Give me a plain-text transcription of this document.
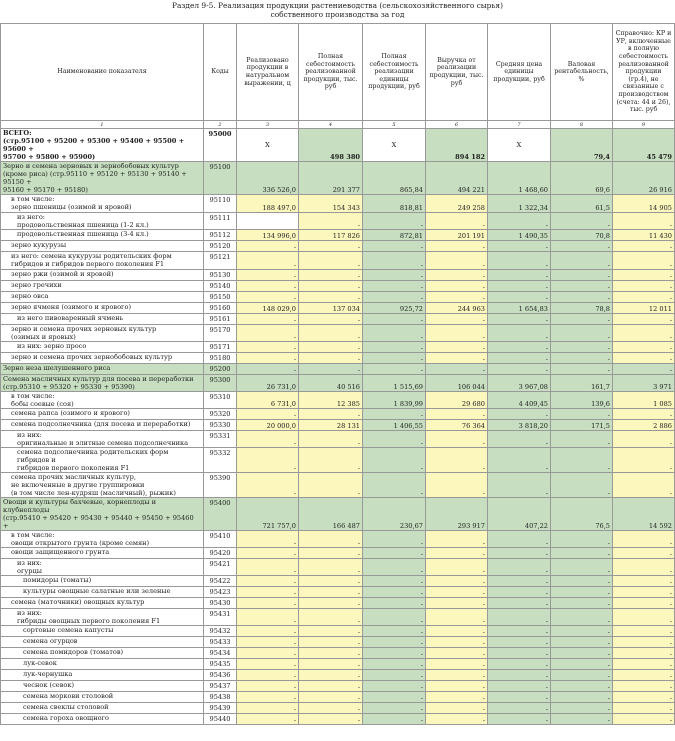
Раздел 9-5. Реализация продукции растениеводства (сельскохозяйственного сырья)
собственного производства за год
Наименование показателя	Коды	Реализовано продукции в натуральном выражении, ц	Полная себестоимость реализованной продукции, тыс. руб	Полная себестоимость реализации единицы продукции, руб	Выручка от реализации продукции, тыс. руб	Средняя цена единицы продукции, руб	Валовая рентабельность, %	Справочно: КР и УР, включенные в полную себестоимость реализованной продукции (гр.4), не связанные с производством (счета: 44 и 26), тыс. руб
1	2	3	4	5	6	7	8	9
ВСЕГО:
(стр.95100 + 95200 + 95300 + 95400 + 95500 + 95600 +
95700 + 95800 + 95900)	95000	X	498 380	X	894 182	X	79,4	45 479
Зерно и семена зерновых и зернобобовых культур
(кроме риса) (стр.95110 + 95120 + 95130 + 95140 + 95150 +
95160 + 95170 + 95180)	95100	336 526,0	291 377	865,84	494 221	1 468,60	69,6	26 916
в том числе:
зерно пшеницы (озимой и яровой)	95110	188 497,0	154 343	818,81	249 258	1 322,34	61,5	14 905
из него:
продовольственная пшеница (1-2 кл.)	95111		-	-	-	-	-	-
продовольственная пшеница (3-4 кл.)	95112	134 996,0	117 826	872,81	201 191	1 490,35	70,8	11 430
зерно кукурузы	95120	-	-	-	-	-	-	-
из него: семена кукурузы родительских форм
гибридов и гибридов первого поколения F1	95121	-	-	-	-	-	-	-
зерно ржи (озимой и яровой)	95130	-	-	-	-	-	-	-
зерно гречихи	95140	-	-	-	-	-	-	-
зерно овса	95150	-	-	-	-	-	-	-
зерно ячменя (озимого и ярового)	95160	148 029,0	137 034	925,72	244 963	1 654,83	78,8	12 011
из него пивоваренный ячмень	95161	-	-	-	-	-	-	-
зерно и семена прочих зерновых культур
(озимых и яровых)	95170	-	-	-	-	-	-	-
из них: зерно просо	95171	-	-	-	-	-	-	-
зерно и семена прочих зернобобовых культур	95180	-	-	-	-	-	-	-
Зерно неза шелушенного риса	95200	-	-	-	-	-	-	-
Семена масличных культур для посева и переработки
(стр.95310 + 95320 + 95330 + 95390)	95300	26 731,0	40 516	1 515,69	106 044	3 967,08	161,7	3 971
в том числе:
бобы соевые (соя)	95310	6 731,0	12 385	1 839,99	29 680	4 409,45	139,6	1 085
семена рапса (озимого и ярового)	95320	-	-	-	-	-	-	-
семена подсолнечника (для посева и переработки)	95330	20 000,0	28 131	1 406,55	76 364	3 818,20	171,5	2 886
из них:
оригинальные и элитные семена подсолнечника	95331	-	-	-	-	-	-	-
семена подсолнечника родительских форм гибридов и
гибридов первого поколения F1	95332	-	-	-	-	-	-	-
семена прочих масличных культур,
не включенные в другие группировки
(в том числе лен-кудряш (масличный), рыжик)	95390	-	-	-	-	-	-	-
Овощи и культуры бахчевые, корнеплоды и клубнеплоды
(стр.95410 + 95420 + 95430 + 95440 + 95450 + 95460 +	95400	721 757,0	166 487	230,67	293 917	407,22	76,5	14 592
в том числе:
овощи открытого грунта (кроме семян)	95410	-	-	-	-	-	-	-
овощи защищенного грунта	95420	-	-	-	-	-	-	-
из них:
огурцы	95421	-	-	-	-	-	-	-
помидоры (томаты)	95422	-	-	-	-	-	-	-
культуры овощные салатные или зеленые	95423	-	-	-	-	-	-	-
семена (маточники) овощных культур	95430	-	-	-	-	-	-	-
из них:
гибриды овощных первого поколения F1	95431	-	-	-	-	-	-	-
сортовые семена капусты	95432	-	-	-	-	-	-	-
семена огурцов	95433	-	-	-	-	-	-	-
семена помидоров (томатов)	95434	-	-	-	-	-	-	-
лук-севок	95435	-	-	-	-	-	-	-
лук-чернушка	95436	-	-	-	-	-	-	-
чеснок (севок)	95437	-	-	-	-	-	-	-
семена моркови столовой	95438	-	-	-	-	-	-	-
семена свеклы столовой	95439	-	-	-	-	-	-	-
семена гороха овощного	95440	-	-	-	-	-	-	-
